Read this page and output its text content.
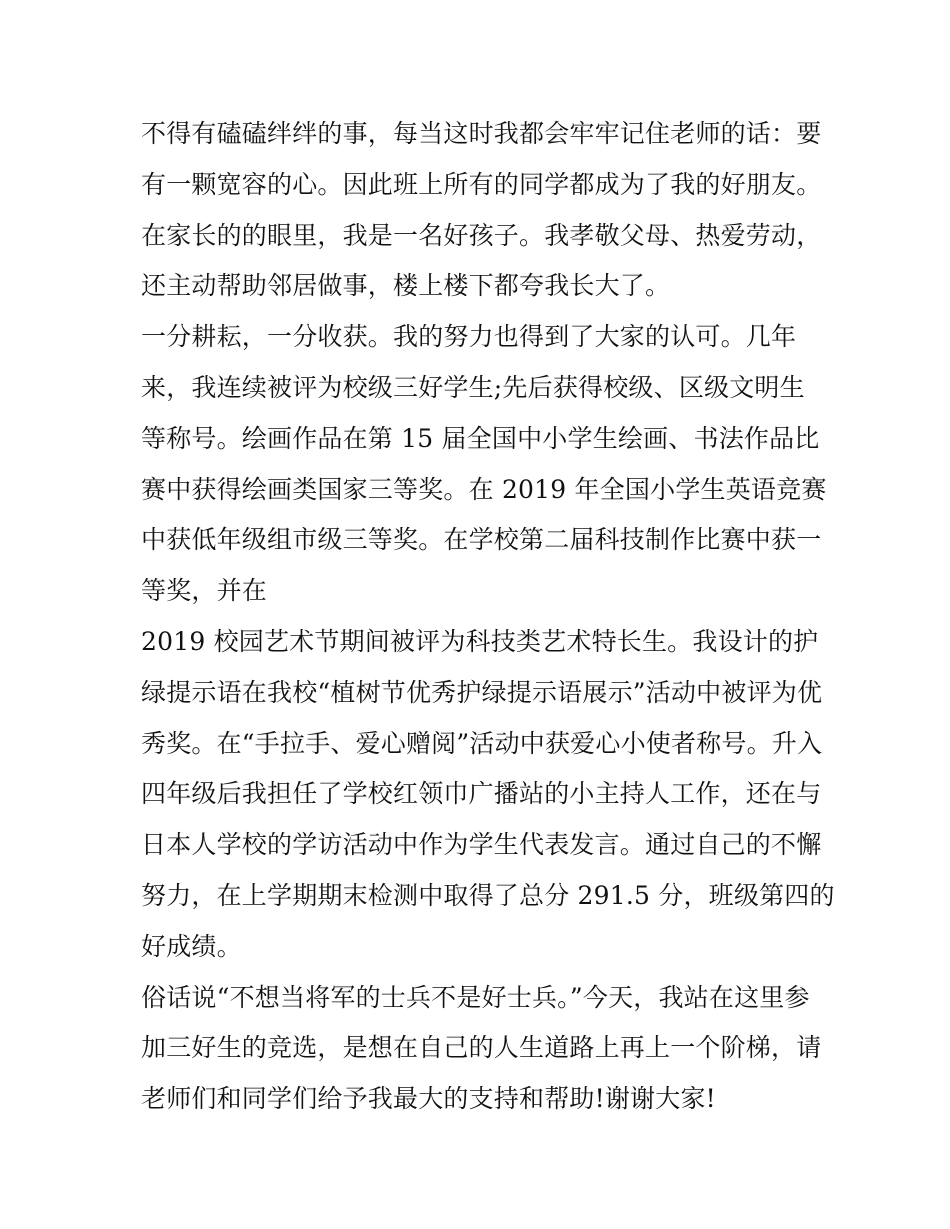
不得有磕磕绊绊的事，每当这时我都会牢牢记住老师的话：要
有一颗宽容的心。因此班上所有的同学都成为了我的好朋友。
在家长的的眼里，我是一名好孩子。我孝敬父母、热爱劳动，
还主动帮助邻居做事，楼上楼下都夸我长大了。
一分耕耘，一分收获。我的努力也得到了大家的认可。几年
来，我连续被评为校级三好学生;先后获得校级、区级文明生
等称号。绘画作品在第 15 届全国中小学生绘画、书法作品比
赛中获得绘画类国家三等奖。在 2019 年全国小学生英语竞赛
中获低年级组市级三等奖。在学校第二届科技制作比赛中获一
等奖，并在
2019 校园艺术节期间被评为科技类艺术特长生。我设计的护
绿提示语在我校“植树节优秀护绿提示语展示”活动中被评为优
秀奖。在“手拉手、爱心赠阅”活动中获爱心小使者称号。升入
四年级后我担任了学校红领巾广播站的小主持人工作，还在与
日本人学校的学访活动中作为学生代表发言。通过自己的不懈
努力，在上学期期末检测中取得了总分 291.5 分，班级第四的
好成绩。
俗话说“不想当将军的士兵不是好士兵。”今天，我站在这里参
加三好生的竞选，是想在自己的人生道路上再上一个阶梯，请
老师们和同学们给予我最大的支持和帮助!谢谢大家!
